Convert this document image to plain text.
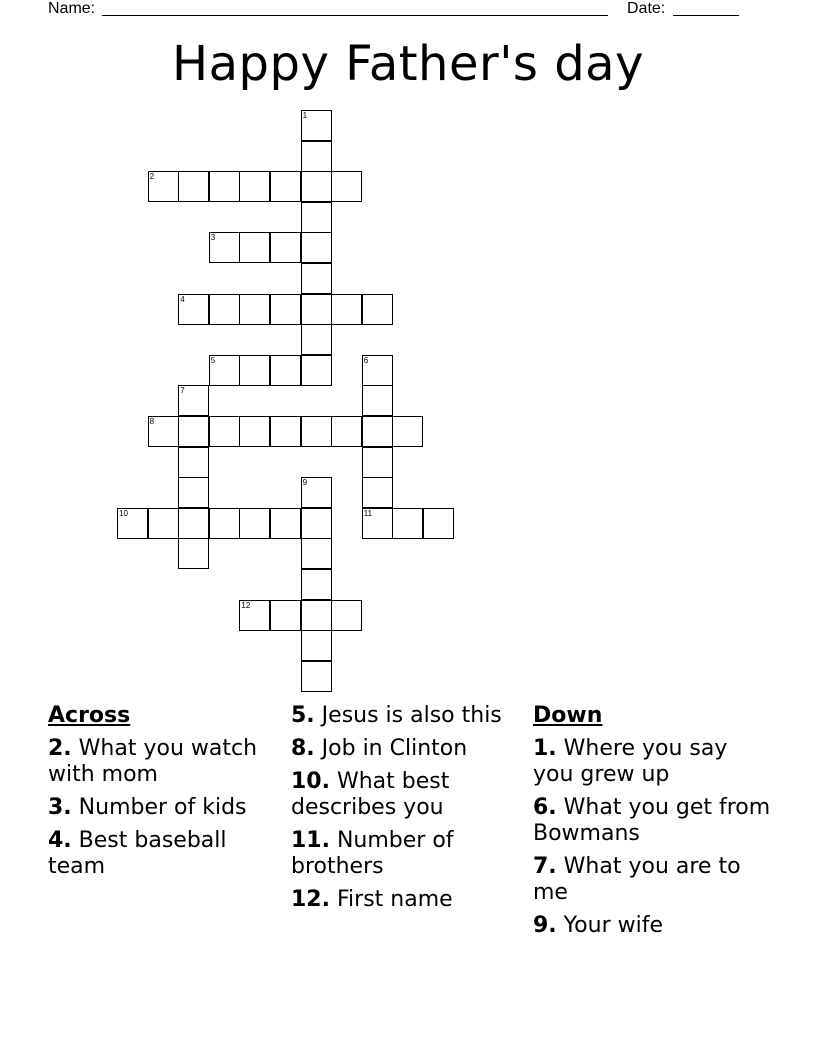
Name:	Date:
Happy Father's day
1
2
3
4
5	6
7
8
9
10	11
12
Across
2. What you watch with mom
3. Number of kids
4. Best baseball team
5. Jesus is also this
8. Job in Clinton
10. What best describes you
11. Number of brothers
12. First name
Down
1. Where you say you grew up
6. What you get from Bowmans
7. What you are to me
9. Your wife
